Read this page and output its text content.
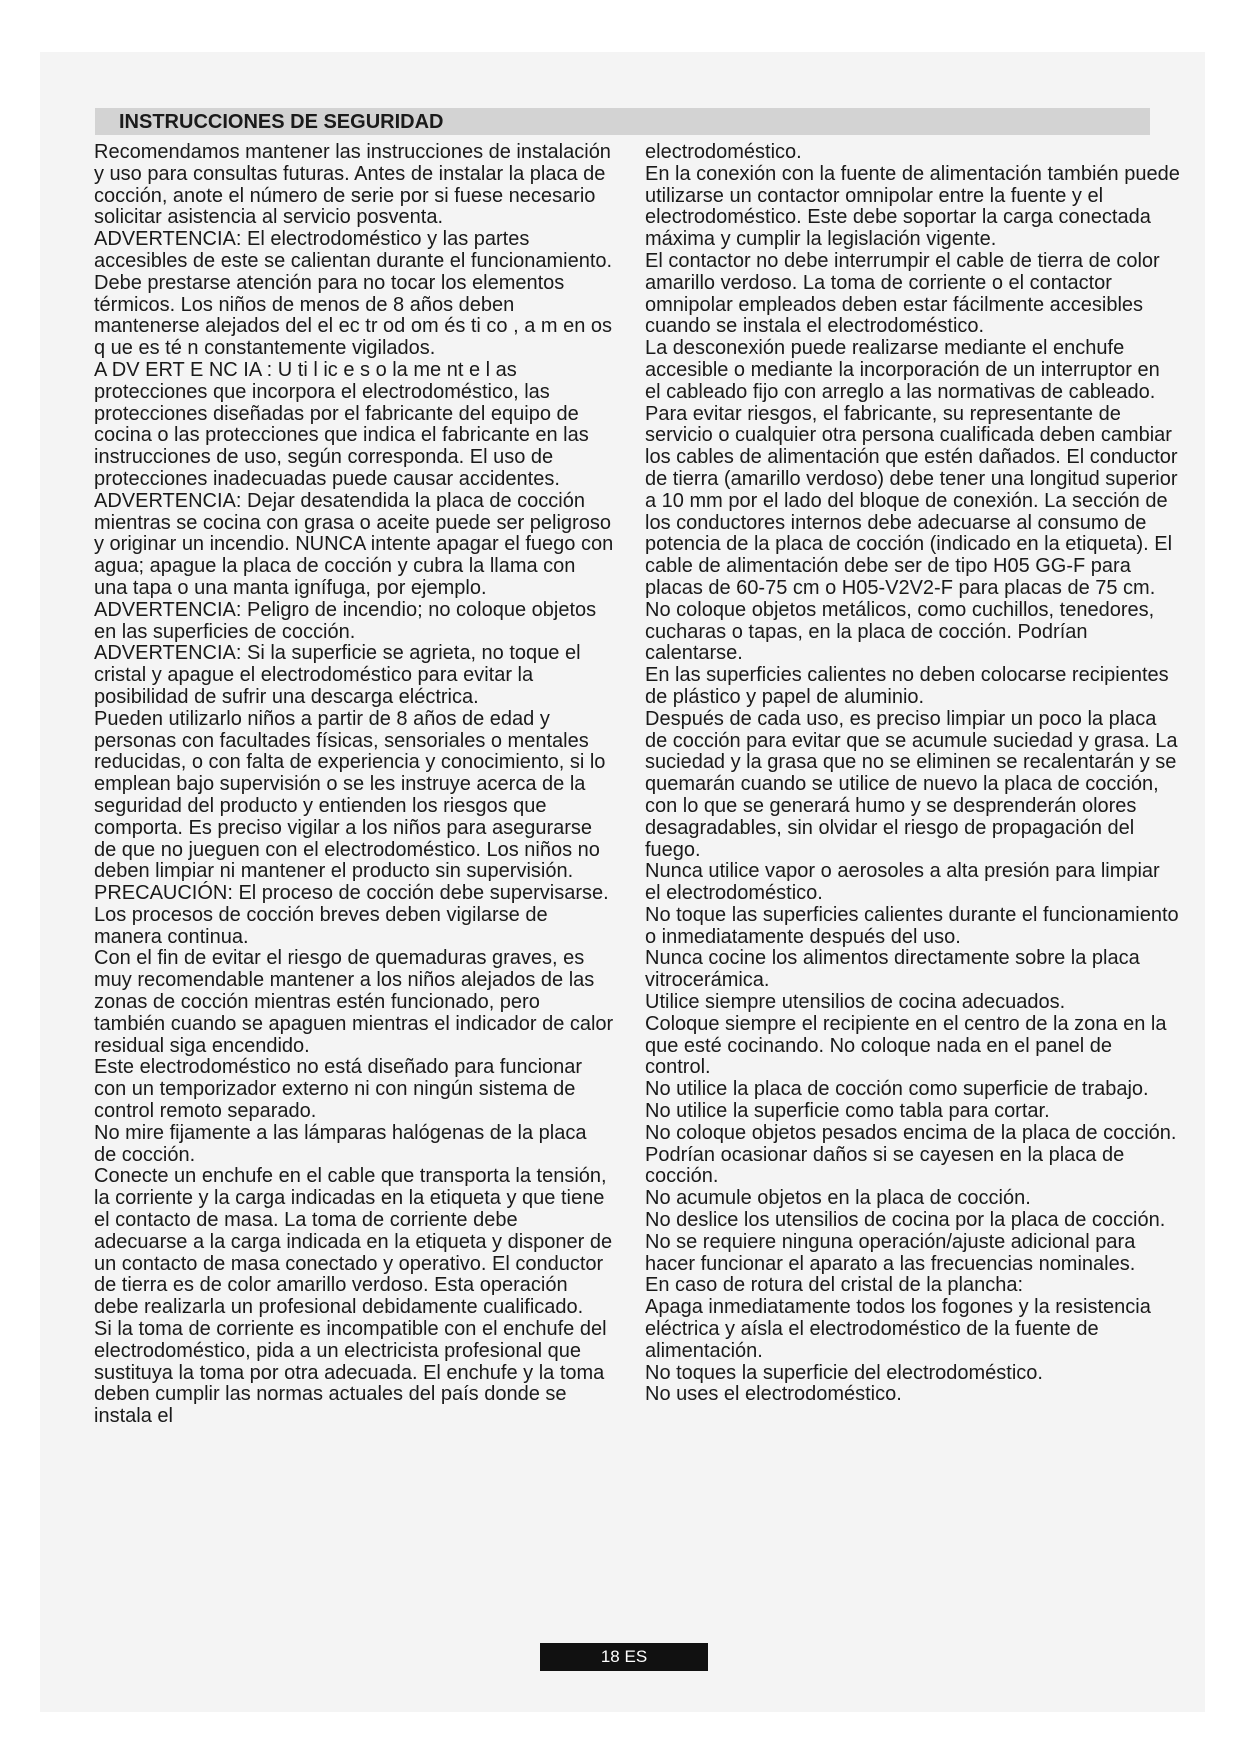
INSTRUCCIONES DE SEGURIDAD

Recomendamos mantener las instrucciones de instalación y uso para consultas futuras. Antes de instalar la placa de cocción, anote el número de serie por si fuese necesario solicitar asistencia al servicio posventa.

ADVERTENCIA: El electrodoméstico y las partes accesibles de este se calientan durante el funcionamiento. Debe prestarse atención para no tocar los elementos térmicos. Los niños de menos de 8 años deben mantenerse alejados del el ec tr od om és ti co , a m en os q ue es té n constantemente vigilados.

A DV ERT E NC IA : U ti l ic e s o la me nt e l as protecciones que incorpora el electrodoméstico, las protecciones diseñadas por el fabricante del equipo de cocina o las protecciones que indica el fabricante en las instrucciones de uso, según corresponda. El uso de protecciones inadecuadas puede causar accidentes.

ADVERTENCIA: Dejar desatendida la placa de cocción mientras se cocina con grasa o aceite puede ser peligroso y originar un incendio. NUNCA intente apagar el fuego con agua; apague la placa de cocción y cubra la llama con una tapa o una manta ignífuga, por ejemplo.

ADVERTENCIA: Peligro de incendio; no coloque objetos en las superficies de cocción.

ADVERTENCIA: Si la superficie se agrieta, no toque el cristal y apague el electrodoméstico para evitar la posibilidad de sufrir una descarga eléctrica.

Pueden utilizarlo niños a partir de 8 años de edad y personas con facultades físicas, sensoriales o mentales reducidas, o con falta de experiencia y conocimiento, si lo emplean bajo supervisión o se les instruye acerca de la seguridad del producto y entienden los riesgos que comporta. Es preciso vigilar a los niños para asegurarse de que no jueguen con el electrodoméstico. Los niños no deben limpiar ni mantener el producto sin supervisión.

PRECAUCIÓN: El proceso de cocción debe supervisarse. Los procesos de cocción breves deben vigilarse de manera continua.

Con el fin de evitar el riesgo de quemaduras graves, es muy recomendable mantener a los niños alejados de las zonas de cocción mientras estén funcionado, pero también cuando se apaguen mientras el indicador de calor residual siga encendido.

Este electrodoméstico no está diseñado para funcionar con un temporizador externo ni con ningún sistema de control remoto separado.

No mire fijamente a las lámparas halógenas de la placa de cocción.

Conecte un enchufe en el cable que transporta la tensión, la corriente y la carga indicadas en la etiqueta y que tiene el contacto de masa. La toma de corriente debe adecuarse a la carga indicada en la etiqueta y disponer de un contacto de masa conectado y operativo. El conductor de tierra es de color amarillo verdoso. Esta operación debe realizarla un profesional debidamente cualificado.

Si la toma de corriente es incompatible con el enchufe del electrodoméstico, pida a un electricista profesional que sustituya la toma por otra adecuada. El enchufe y la toma deben cumplir las normas actuales del país donde se instala el

electrodoméstico.

En la conexión con la fuente de alimentación también puede utilizarse un contactor omnipolar entre la fuente y el electrodoméstico. Este debe soportar la carga conectada máxima y cumplir la legislación vigente.

El contactor no debe interrumpir el cable de tierra de color amarillo verdoso. La toma de corriente o el contactor omnipolar empleados deben estar fácilmente accesibles cuando se instala el electrodoméstico.

La desconexión puede realizarse mediante el enchufe accesible o mediante la incorporación de un interruptor en el cableado fijo con arreglo a las normativas de cableado.

Para evitar riesgos, el fabricante, su representante de servicio o cualquier otra persona cualificada deben cambiar los cables de alimentación que estén dañados. El conductor de tierra (amarillo verdoso) debe tener una longitud superior a 10 mm por el lado del bloque de conexión. La sección de los conductores internos debe adecuarse al consumo de potencia de la placa de cocción (indicado en la etiqueta). El cable de alimentación debe ser de tipo H05 GG-F para placas de 60-75 cm o H05-V2V2-F para placas de 75 cm.

No coloque objetos metálicos, como cuchillos, tenedores, cucharas o tapas, en la placa de cocción. Podrían calentarse.

En las superficies calientes no deben colocarse recipientes de plástico y papel de aluminio.

Después de cada uso, es preciso limpiar un poco la placa de cocción para evitar que se acumule suciedad y grasa. La suciedad y la grasa que no se eliminen se recalentarán y se quemarán cuando se utilice de nuevo la placa de cocción, con lo que se generará humo y se desprenderán olores desagradables, sin olvidar el riesgo de propagación del fuego.

Nunca utilice vapor o aerosoles a alta presión para limpiar el electrodoméstico.

No toque las superficies calientes durante el funcionamiento o inmediatamente después del uso.

Nunca cocine los alimentos directamente sobre la placa vitrocerámica.

Utilice siempre utensilios de cocina adecuados.

Coloque siempre el recipiente en el centro de la zona en la que esté cocinando. No coloque nada en el panel de control.

No utilice la placa de cocción como superficie de trabajo.

No utilice la superficie como tabla para cortar.

No coloque objetos pesados encima de la placa de cocción. Podrían ocasionar daños si se cayesen en la placa de cocción.

No acumule objetos en la placa de cocción.

No deslice los utensilios de cocina por la placa de cocción.

No se requiere ninguna operación/ajuste adicional para hacer funcionar el aparato a las frecuencias nominales.

En caso de rotura del cristal de la plancha:

Apaga inmediatamente todos los fogones y la resistencia eléctrica y aísla el electrodoméstico de la fuente de alimentación.

No toques la superficie del electrodoméstico.

No uses el electrodoméstico.

18 ES
